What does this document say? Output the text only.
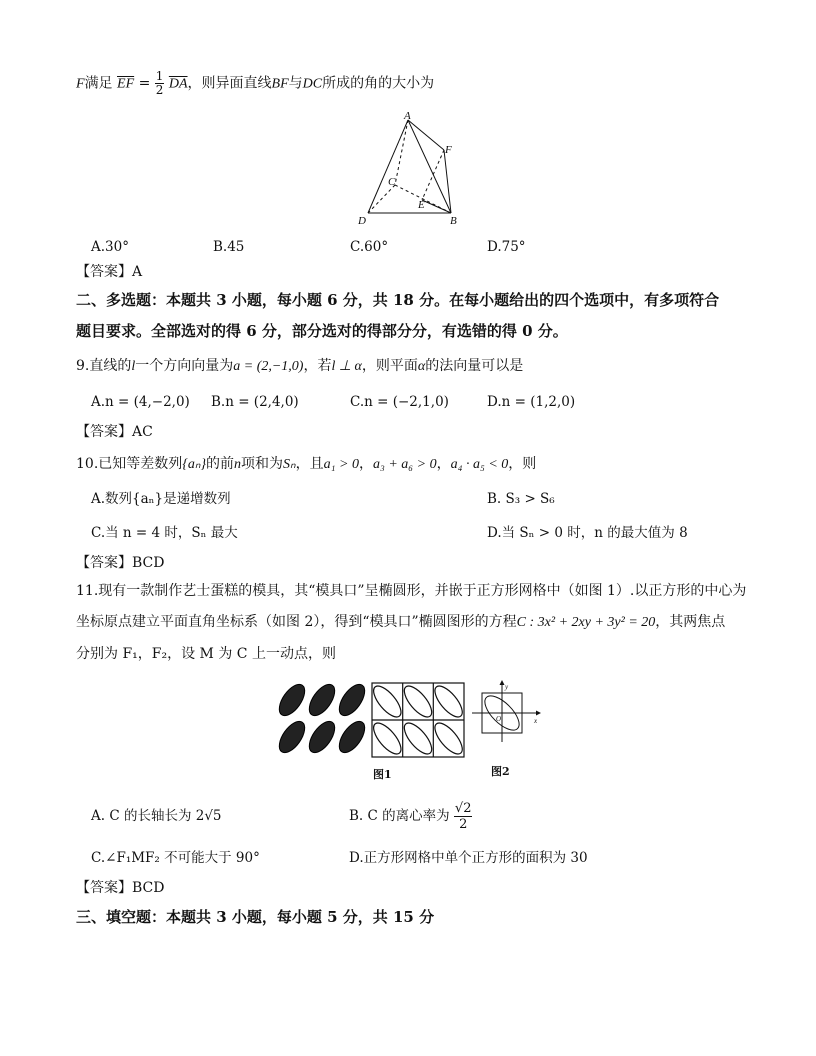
F满足 $\overline{EF} = \frac{1}{2} \overline{DA}$，则异面直线BF与DC所成的角的大小为
A
F
C
E
D	B
A.30°	B.45	C.60°	D.75°
【答案】A
二、多选题：本题共 3 小题，每小题 6 分，共 18 分。在每小题给出的四个选项中，有多项符合
题目要求。全部选对的得 6 分，部分选对的得部分分，有选错的得 0 分。
9.直线的l一个方向向量为a = (2,−1,0)，若l ⊥ α，则平面α的法向量可以是
A.n = (4,−2,0) B.n = (2,4,0)	C.n = (−2,1,0)	D.n = (1,2,0)
【答案】AC
10.已知等差数列{aₙ}的前n项和为Sₙ，且a₁ > 0，a₃ + a₆ > 0，a₄ · a₅ < 0，则
A.数列{aₙ}是递增数列	B. S₃ > S₆
C.当 n = 4 时，Sₙ 最大	D.当 Sₙ > 0 时，n 的最大值为 8
【答案】BCD
11.现有一款制作艺士蛋糕的模具，其“模具口”呈椭圆形，并嵌于正方形网格中（如图 1）.以正方形的中心为
坐标原点建立平面直角坐标系（如图 2），得到“模具口”椭圆图形的方程C : 3x² + 2xy + 3y² = 20，其两焦点
分别为 F₁，F₂，设 M 为 C 上一动点，则
y
x
O
图1	图2
A. C 的长轴长为 2√5	B. C 的离心率为 $\frac{√2}{2}$
C.∠F₁MF₂ 不可能大于 90°	D.正方形网格中单个正方形的面积为 30
【答案】BCD
三、填空题：本题共 3 小题，每小题 5 分，共 15 分
